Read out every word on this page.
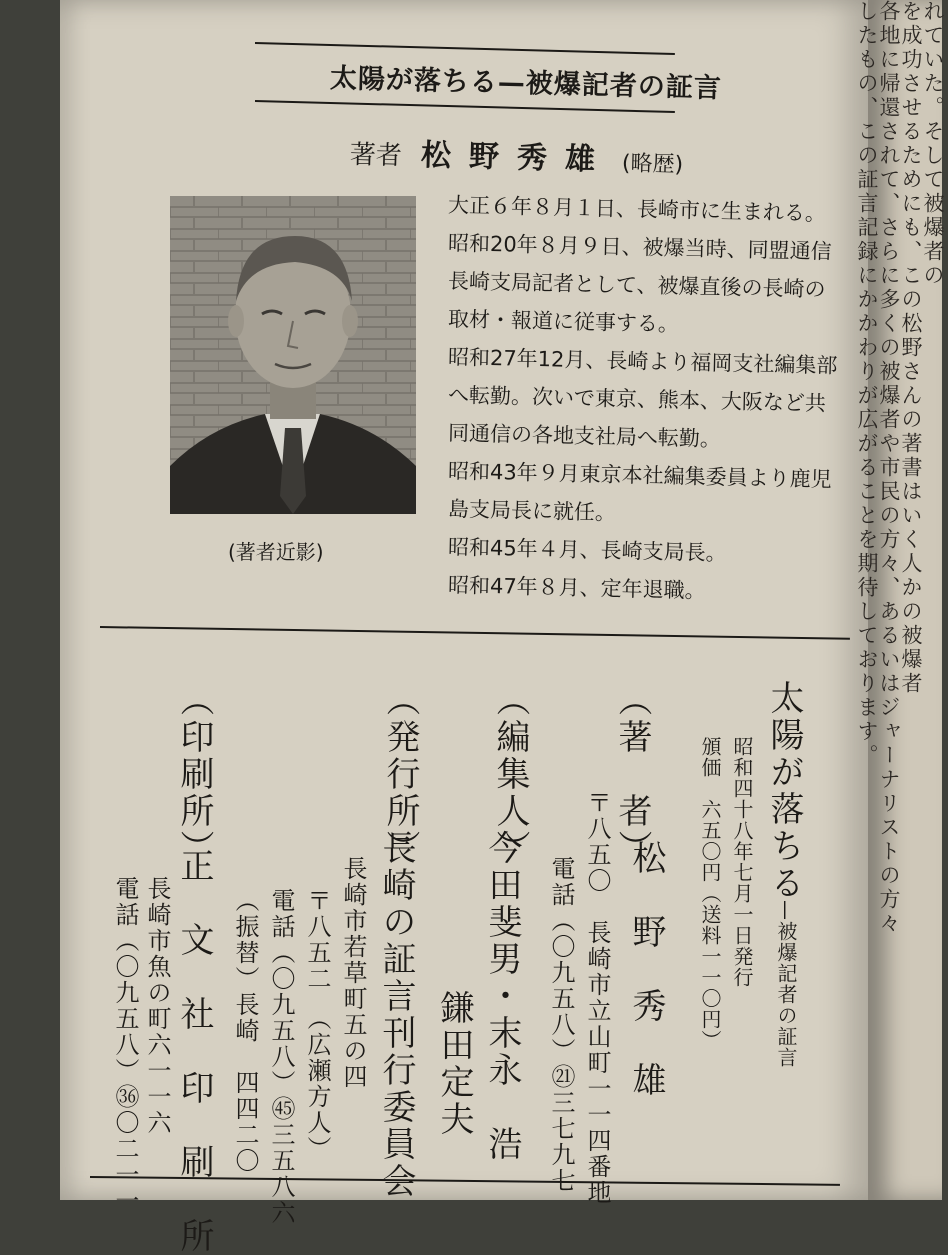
太陽が落ちる—被爆記者の証言
著者 松野秀雄 (略歴)
(著者近影)
大正６年８月１日、長崎市に生まれる。
昭和20年８月９日、被爆当時、同盟通信
長崎支局記者として、被爆直後の長崎の
取材・報道に従事する。
昭和27年12月、長崎より福岡支社編集部
へ転勤。次いで東京、熊本、大阪など共
同通信の各地支社局へ転勤。
昭和43年９月東京本社編集委員より鹿児
島支局長に就任。
昭和45年４月、長崎支局長。
昭和47年８月、定年退職。
太陽が落ちる
—被爆記者の証言
昭和四十八年七月一日発行
頒価　六五〇円（送料一一〇円）
（著　者）
松　野　秀　雄
〒八五〇　長崎市立山町一一四番地
電話（〇九五八）㉑三七九七
（編集人）
今田斐男・末永　浩
鎌田定夫
（発行所）
長崎の証言刊行委員会
長崎市若草町五の四
〒八五二　（広瀬方人）
電話（〇九五八）㊺三五八六
（振替）長崎　四四二〇
（印刷所）
正　文　社　印　刷　所
長崎市魚の町六一一六
電話（〇九五八）㊱〇二一一
れていた。そして被爆者の
を成功させるためにも、この松野さんの著書はいく人かの被爆者
各地に帰還されて、さらに多くの被爆者や市民の方々、あるいはジャーナリストの方々
したもの、この証言記録にかかわりが広がることを期待しております。
